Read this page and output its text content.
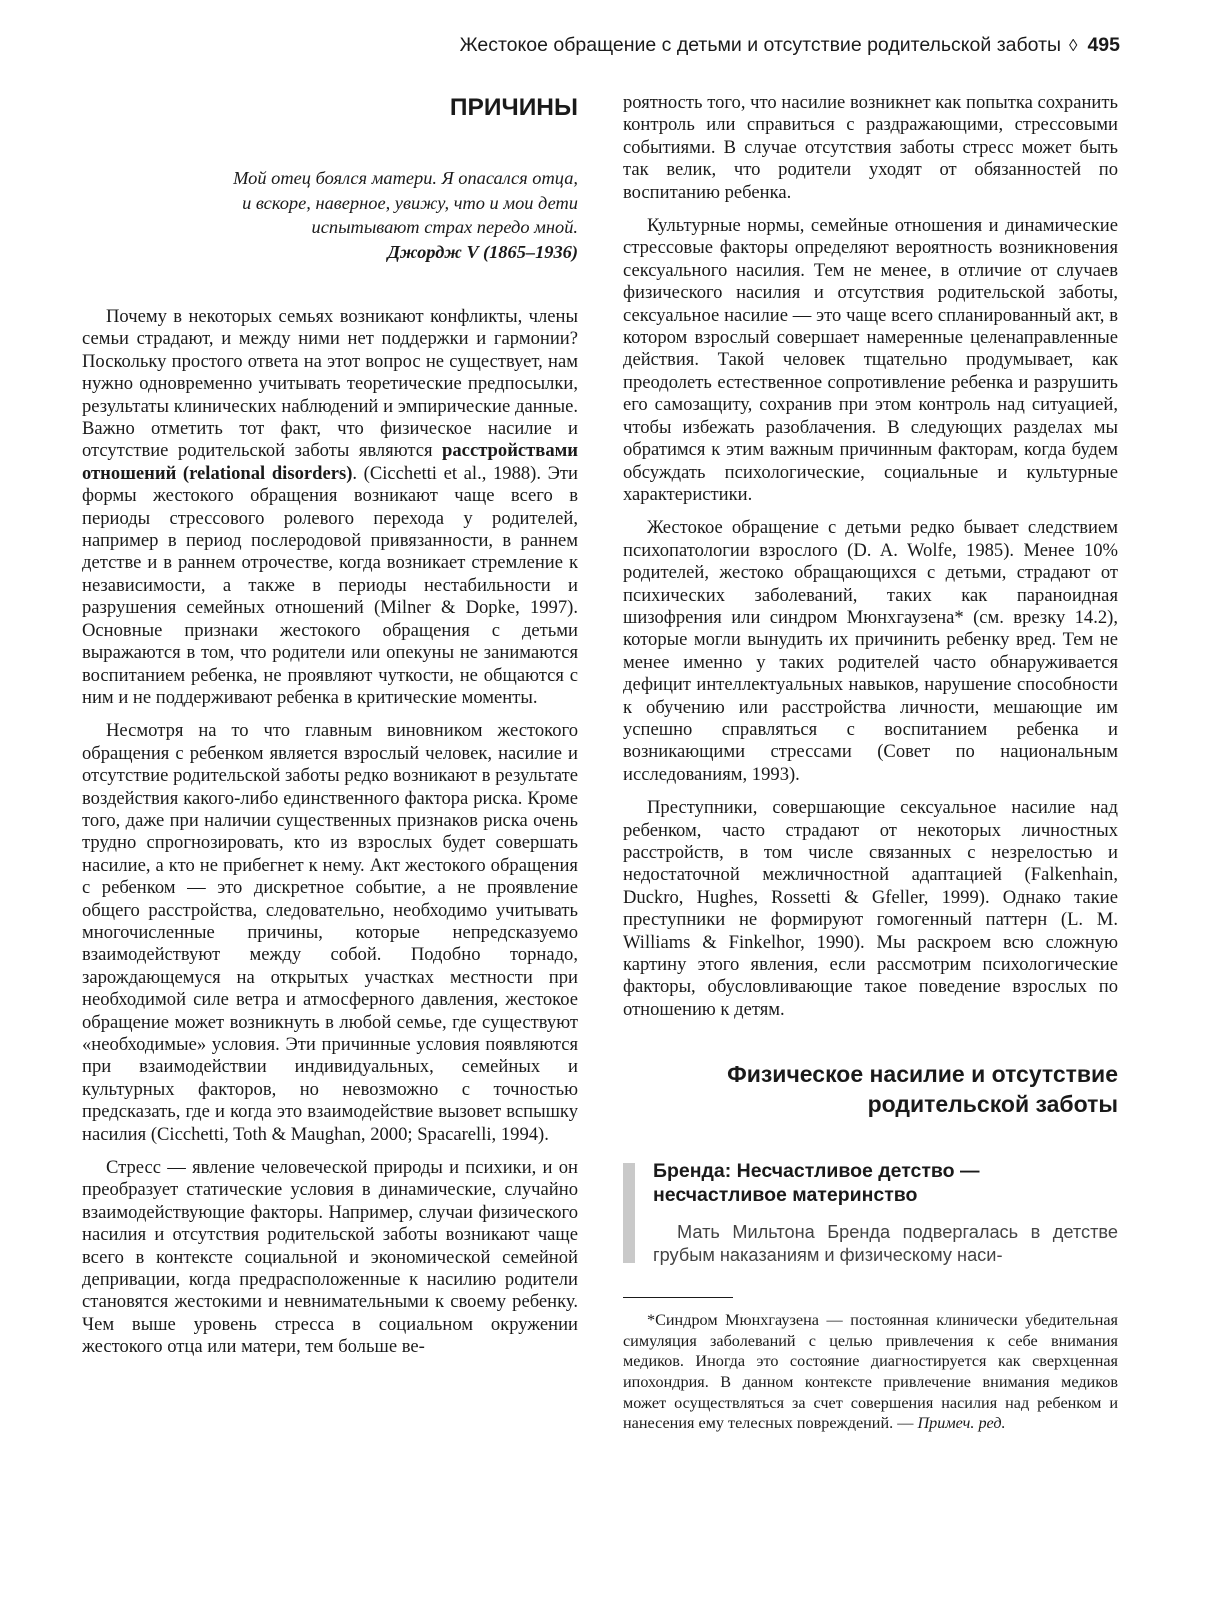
Жестокое обращение с детьми и отсутствие родительской заботы ◊ 495
ПРИЧИНЫ
Мой отец боялся матери. Я опасался отца, и вскоре, наверное, увижу, что и мои дети испытывают страх передо мной.
Джордж V (1865–1936)

Почему в некоторых семьях возникают конфликты, члены семьи страдают, и между ними нет поддержки и гармонии? Поскольку простого ответа на этот вопрос не существует, нам нужно одновременно учитывать теоретические предпосылки, результаты клинических наблюдений и эмпирические данные. Важно отметить тот факт, что физическое насилие и отсутствие родительской заботы являются расстройствами отношений (relational disorders). (Cicchetti et al., 1988). Эти формы жестокого обращения возникают чаще всего в периоды стрессового ролевого перехода у родителей, например в период послеродовой привязанности, в раннем детстве и в раннем отрочестве, когда возникает стремление к независимости, а также в периоды нестабильности и разрушения семейных отношений (Milner & Dopke, 1997). Основные признаки жестокого обращения с детьми выражаются в том, что родители или опекуны не занимаются воспитанием ребенка, не проявляют чуткости, не общаются с ним и не поддерживают ребенка в критические моменты.

Несмотря на то что главным виновником жестокого обращения с ребенком является взрослый человек, насилие и отсутствие родительской заботы редко возникают в результате воздействия какого-либо единственного фактора риска. Кроме того, даже при наличии существенных признаков риска очень трудно спрогнозировать, кто из взрослых будет совершать насилие, а кто не прибегнет к нему. Акт жестокого обращения с ребенком — это дискретное событие, а не проявление общего расстройства, следовательно, необходимо учитывать многочисленные причины, которые непредсказуемо взаимодействуют между собой. Подобно торнадо, зарождающемуся на открытых участках местности при необходимой силе ветра и атмосферного давления, жестокое обращение может возникнуть в любой семье, где существуют «необходимые» условия. Эти причинные условия появляются при взаимодействии индивидуальных, семейных и культурных факторов, но невозможно с точностью предсказать, где и когда это взаимодействие вызовет вспышку насилия (Cicchetti, Toth & Maughan, 2000; Spacarelli, 1994).

Стресс — явление человеческой природы и психики, и он преобразует статические условия в динамические, случайно взаимодействующие факторы. Например, случаи физического насилия и отсутствия родительской заботы возникают чаще всего в контексте социальной и экономической семейной депривации, когда предрасположенные к насилию родители становятся жестокими и невнимательными к своему ребенку. Чем выше уровень стресса в социальном окружении жестокого отца или матери, тем больше ве-

роятность того, что насилие возникнет как попытка сохранить контроль или справиться с раздражающими, стрессовыми событиями. В случае отсутствия заботы стресс может быть так велик, что родители уходят от обязанностей по воспитанию ребенка.

Культурные нормы, семейные отношения и динамические стрессовые факторы определяют вероятность возникновения сексуального насилия. Тем не менее, в отличие от случаев физического насилия и отсутствия родительской заботы, сексуальное насилие — это чаще всего спланированный акт, в котором взрослый совершает намеренные целенаправленные действия. Такой человек тщательно продумывает, как преодолеть естественное сопротивление ребенка и разрушить его самозащиту, сохранив при этом контроль над ситуацией, чтобы избежать разоблачения. В следующих разделах мы обратимся к этим важным причинным факторам, когда будем обсуждать психологические, социальные и культурные характеристики.

Жестокое обращение с детьми редко бывает следствием психопатологии взрослого (D. A. Wolfe, 1985). Менее 10% родителей, жестоко обращающихся с детьми, страдают от психических заболеваний, таких как параноидная шизофрения или синдром Мюнхгаузена* (см. врезку 14.2), которые могли вынудить их причинить ребенку вред. Тем не менее именно у таких родителей часто обнаруживается дефицит интеллектуальных навыков, нарушение способности к обучению или расстройства личности, мешающие им успешно справляться с воспитанием ребенка и возникающими стрессами (Совет по национальным исследованиям, 1993).

Преступники, совершающие сексуальное насилие над ребенком, часто страдают от некоторых личностных расстройств, в том числе связанных с незрелостью и недостаточной межличностной адаптацией (Falkenhain, Duckro, Hughes, Rossetti & Gfeller, 1999). Однако такие преступники не формируют гомогенный паттерн (L. M. Williams & Finkelhor, 1990). Мы раскроем всю сложную картину этого явления, если рассмотрим психологические факторы, обусловливающие такое поведение взрослых по отношению к детям.

Физическое насилие и отсутствие родительской заботы
Бренда: Несчастливое детство — несчастливое материнство

Мать Мильтона Бренда подвергалась в детстве грубым наказаниям и физическому наси-

*Синдром Мюнхгаузена — постоянная клинически убедительная симуляция заболеваний с целью привлечения к себе внимания медиков. Иногда это состояние диагностируется как сверхценная ипохондрия. В данном контексте привлечение внимания медиков может осуществляться за счет совершения насилия над ребенком и нанесения ему телесных повреждений. — Примеч. ред.
